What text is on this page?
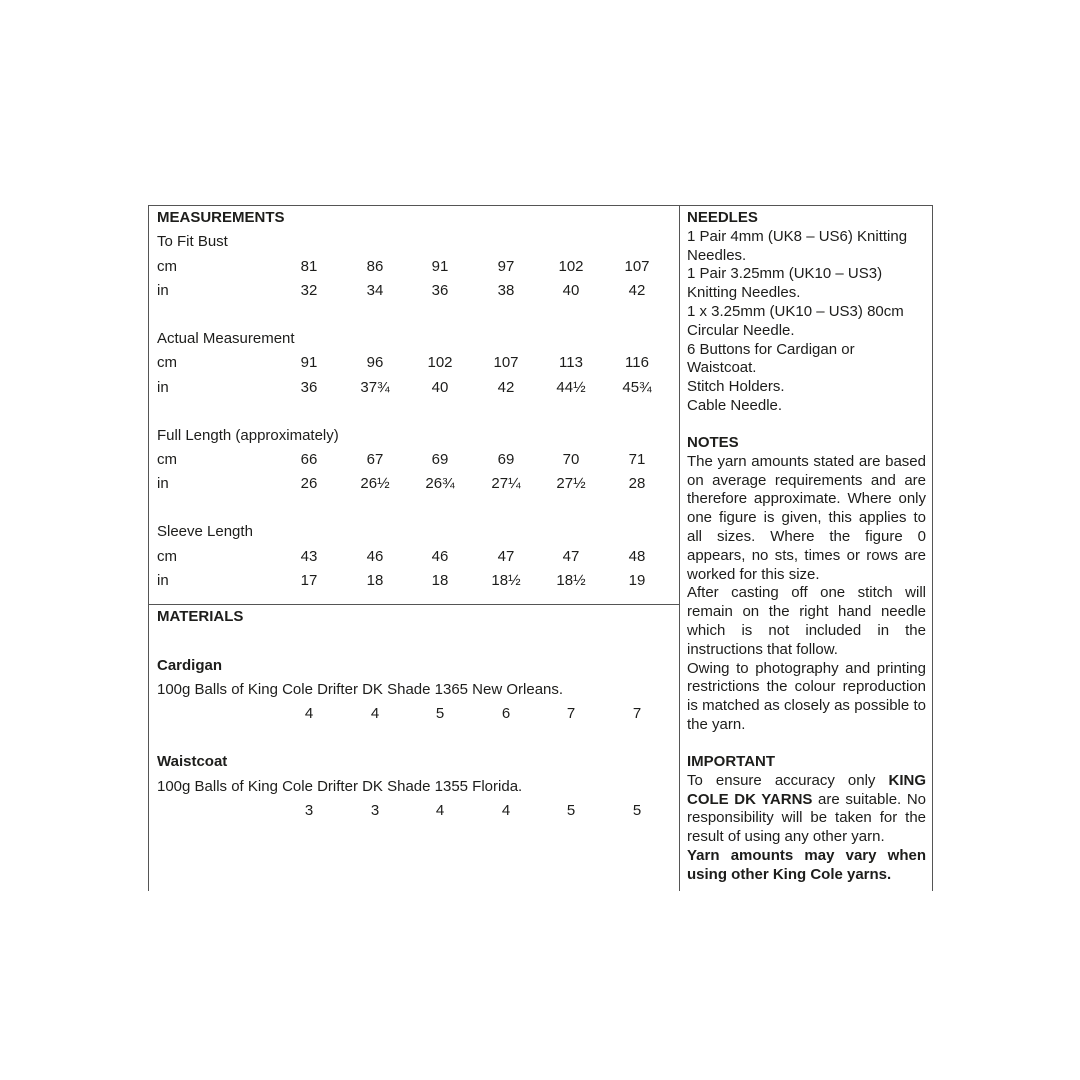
MEASUREMENTS
To Fit Bust
cm	81	86	91	97	102	107
in	32	34	36	38	40	42
Actual Measurement
cm	91	96	102	107	113	116
in	36	37¾	40	42	44½	45¾
Full Length (approximately)
cm	66	67	69	69	70	71
in	26	26½	26¾	27¼	27½	28
Sleeve Length
cm	43	46	46	47	47	48
in	17	18	18	18½	18½	19
MATERIALS
Cardigan
100g Balls of King Cole Drifter DK Shade 1365 New Orleans.
4	4	5	6	7	7
Waistcoat
100g Balls of King Cole Drifter DK Shade 1355 Florida.
3	3	4	4	5	5
NEEDLES
1 Pair 4mm (UK8 – US6) Knitting
Needles.
1 Pair 3.25mm (UK10 – US3)
Knitting Needles.
1 x 3.25mm (UK10 – US3) 80cm
Circular Needle.
6 Buttons for Cardigan or
Waistcoat.
Stitch Holders.
Cable Needle.
NOTES
The yarn amounts stated are based on average requirements and are therefore approximate. Where only one figure is given, this applies to all sizes. Where the figure 0 appears, no sts, times or rows are worked for this size.
After casting off one stitch will remain on the right hand needle which is not included in the instructions that follow.
Owing to photography and printing restrictions the colour reproduction is matched as closely as possible to the yarn.
IMPORTANT
To ensure accuracy only KING COLE DK YARNS are suitable. No responsibility will be taken for the result of using any other yarn.
Yarn amounts may vary when using other King Cole yarns.
